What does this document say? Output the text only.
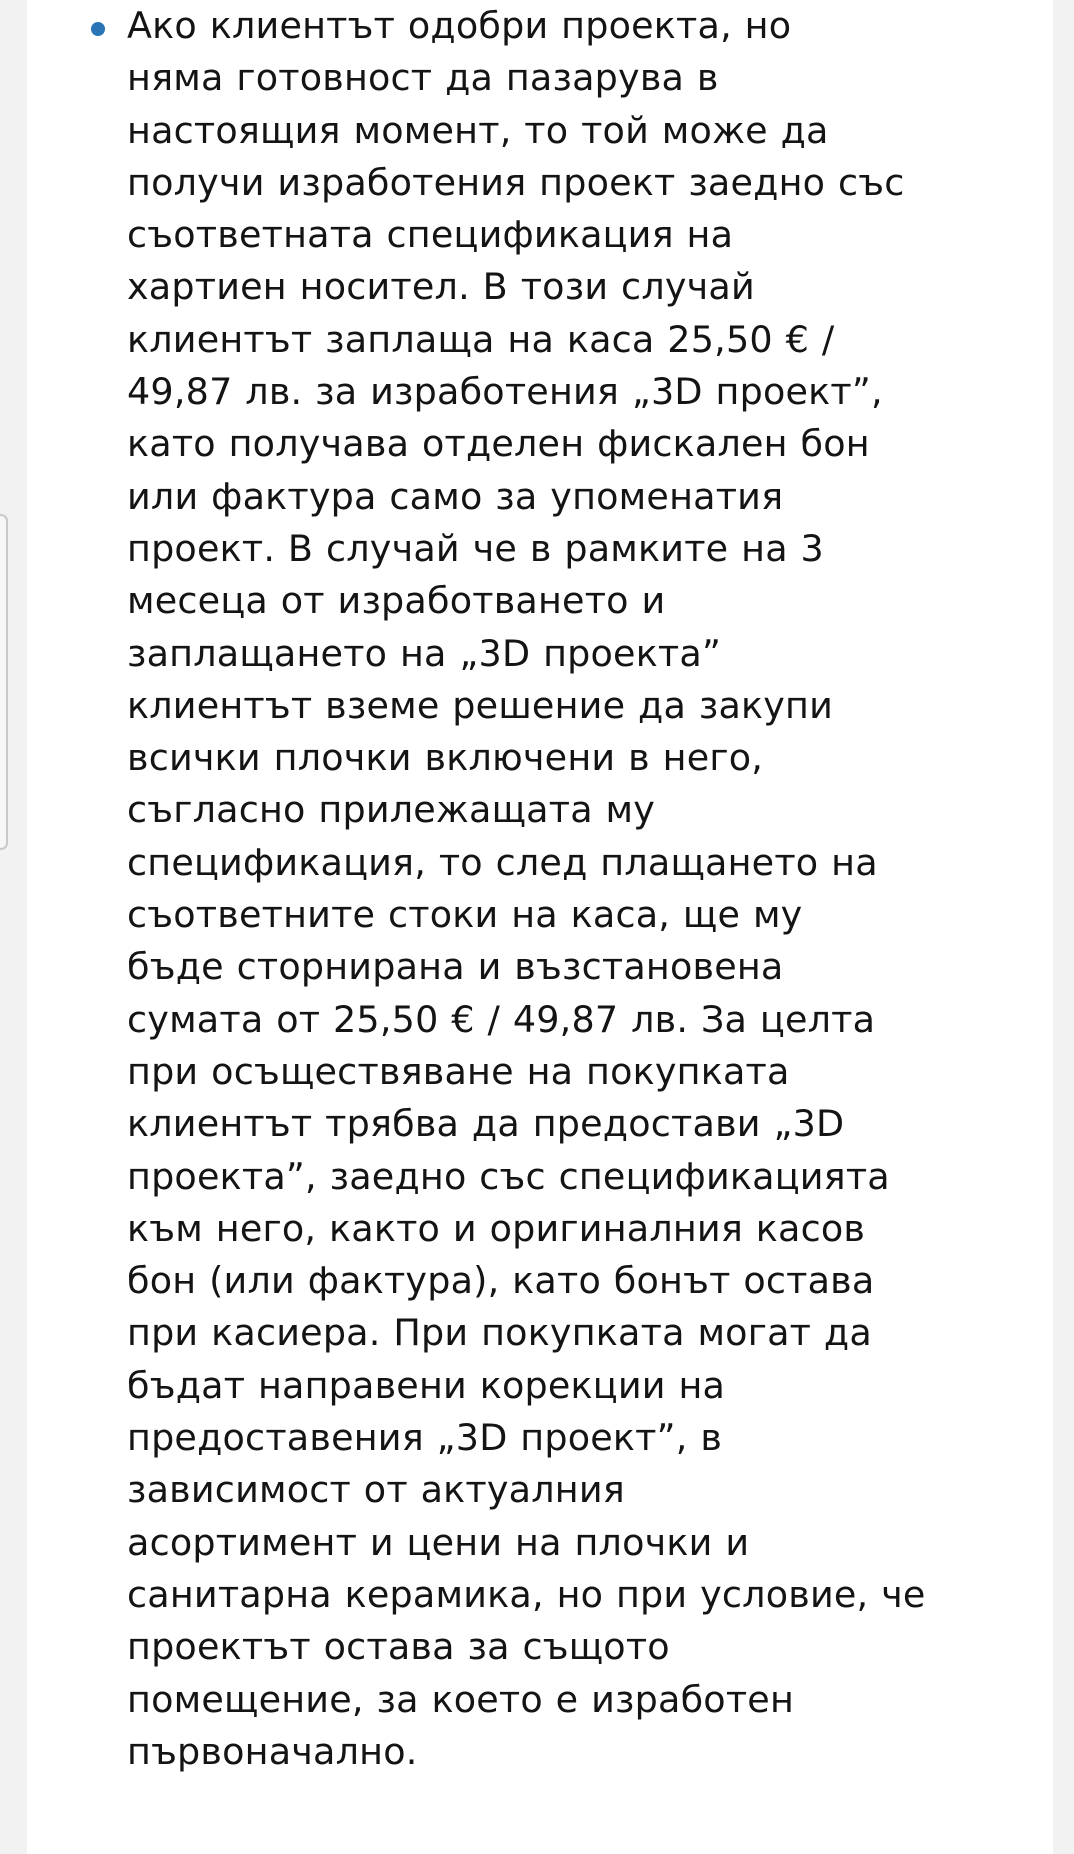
Ако клиентът одобри проекта, но
няма готовност да пазарува в
настоящия момент, то той може да
получи изработения проект заедно със
съответната спецификация на
хартиен носител. В този случай
клиентът заплаща на каса 25,50 € /
49,87 лв. за изработения „3D проект”,
като получава отделен фискален бон
или фактура само за упоменатия
проект. В случай че в рамките на 3
месеца от изработването и
заплащането на „3D проекта”
клиентът вземе решение да закупи
всички плочки включени в него,
съгласно прилежащата му
спецификация, то след плащането на
съответните стоки на каса, ще му
бъде сторнирана и възстановена
сумата от 25,50 € / 49,87 лв. За целта
при осъществяване на покупката
клиентът трябва да предостави „3D
проекта”, заедно със спецификацията
към него, както и оригиналния касов
бон (или фактура), като бонът остава
при касиера. При покупката могат да
бъдат направени корекции на
предоставения „3D проект”, в
зависимост от актуалния
асортимент и цени на плочки и
санитарна керамика, но при условие, че
проектът остава за същото
помещение, за което е изработен
първоначално.
